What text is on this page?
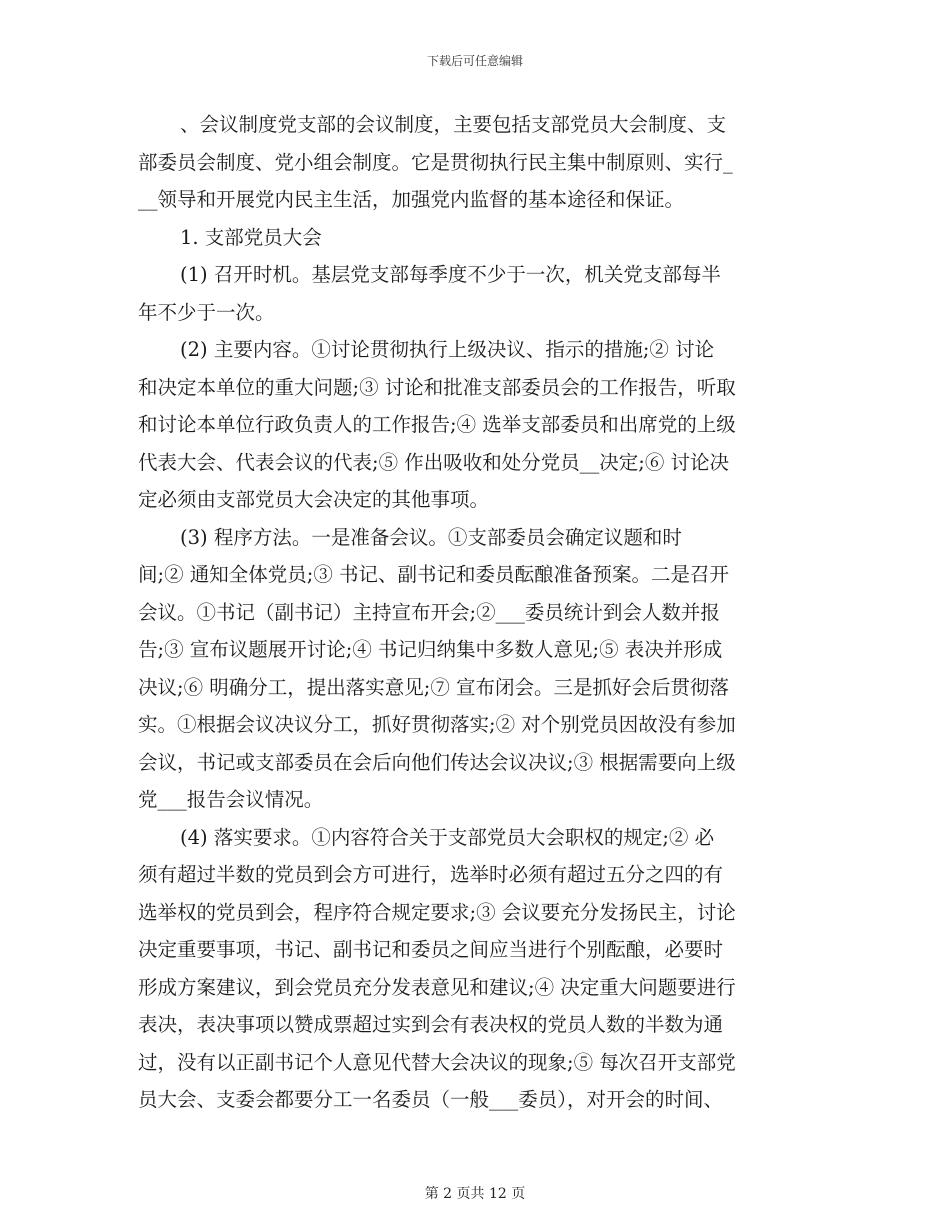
下载后可任意编辑
、会议制度党支部的会议制度，主要包括支部党员大会制度、支
部委员会制度、党小组会制度。它是贯彻执行民主集中制原则、实行_
__领导和开展党内民主生活，加强党内监督的基本途径和保证。
1. 支部党员大会
(1) 召开时机。基层党支部每季度不少于一次，机关党支部每半
年不少于一次。
(2) 主要内容。①讨论贯彻执行上级决议、指示的措施;② 讨论
和决定本单位的重大问题;③ 讨论和批准支部委员会的工作报告，听取
和讨论本单位行政负责人的工作报告;④ 选举支部委员和出席党的上级
代表大会、代表会议的代表;⑤ 作出吸收和处分党员__决定;⑥ 讨论决
定必须由支部党员大会决定的其他事项。
(3) 程序方法。一是准备会议。①支部委员会确定议题和时
间;② 通知全体党员;③ 书记、副书记和委员酝酿准备预案。二是召开
会议。①书记（副书记）主持宣布开会;②___委员统计到会人数并报
告;③ 宣布议题展开讨论;④ 书记归纳集中多数人意见;⑤ 表决并形成
决议;⑥ 明确分工，提出落实意见;⑦ 宣布闭会。三是抓好会后贯彻落
实。①根据会议决议分工，抓好贯彻落实;② 对个别党员因故没有参加
会议，书记或支部委员在会后向他们传达会议决议;③ 根据需要向上级
党___报告会议情况。
(4) 落实要求。①内容符合关于支部党员大会职权的规定;② 必
须有超过半数的党员到会方可进行，选举时必须有超过五分之四的有
选举权的党员到会，程序符合规定要求;③ 会议要充分发扬民主，讨论
决定重要事项，书记、副书记和委员之间应当进行个别酝酿，必要时
形成方案建议，到会党员充分发表意见和建议;④ 决定重大问题要进行
表决，表决事项以赞成票超过实到会有表决权的党员人数的半数为通
过，没有以正副书记个人意见代替大会决议的现象;⑤ 每次召开支部党
员大会、支委会都要分工一名委员（一般___委员），对开会的时间、
第 2 页共 12 页
